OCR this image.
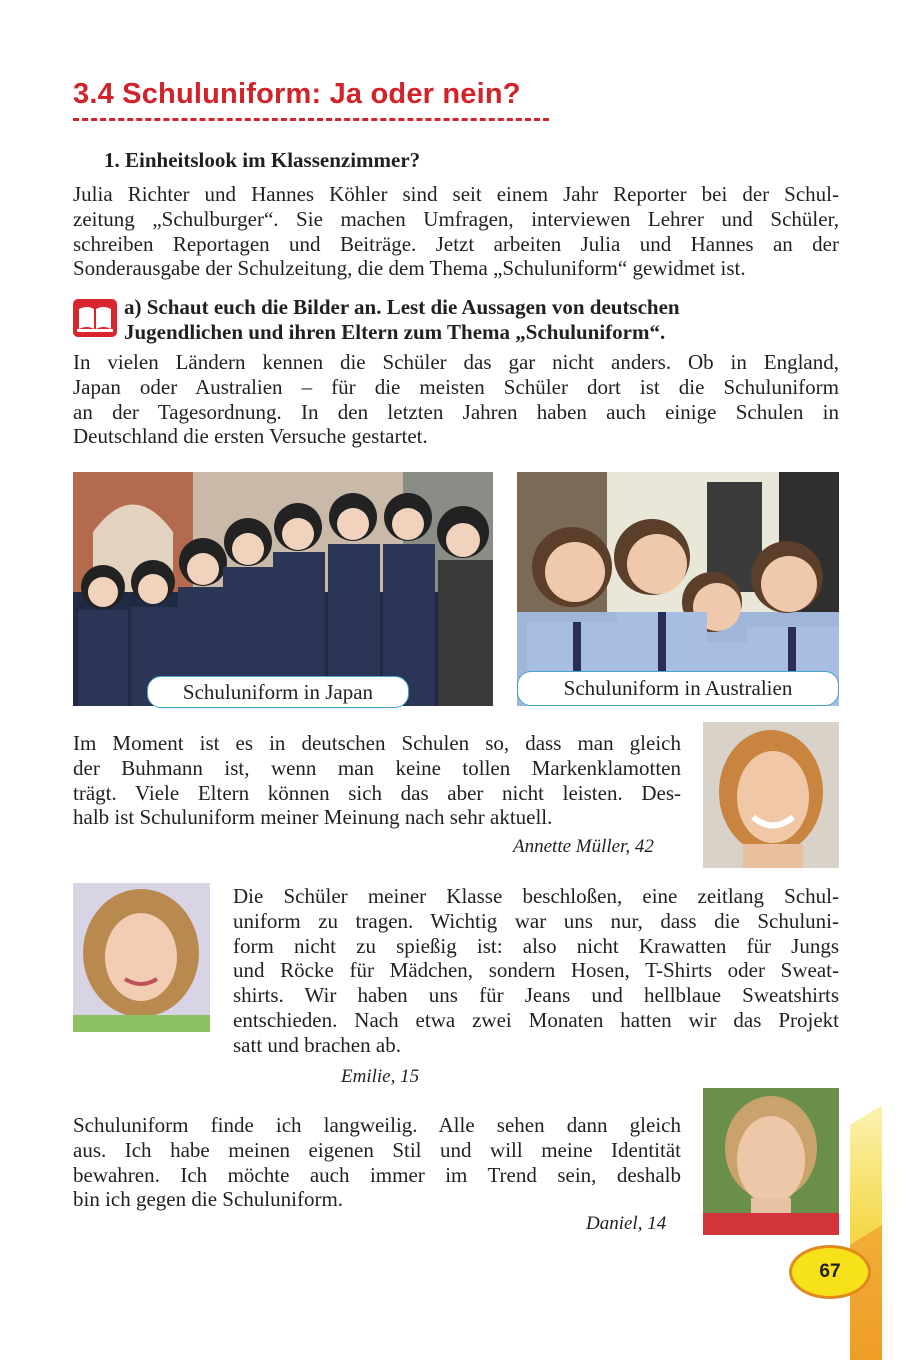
3.4 Schuluniform: Ja oder nein?
1. Einheitslook im Klassenzimmer?
Julia Richter und Hannes Köhler sind seit einem Jahr Reporter bei der Schul-
zeitung „Schulburger“. Sie machen Umfragen, interviewen Lehrer und Schüler,
schreiben Reportagen und Beiträge. Jetzt arbeiten Julia und Hannes an der
Sonderausgabe der Schulzeitung, die dem Thema „Schuluniform“ gewidmet ist.
a) Schaut euch die Bilder an. Lest die Aussagen von deutschen
Jugendlichen und ihren Eltern zum Thema „Schuluniform“.
In vielen Ländern kennen die Schüler das gar nicht anders. Ob in England,
Japan oder Australien – für die meisten Schüler dort ist die Schuluniform
an der Tagesordnung. In den letzten Jahren haben auch einige Schulen in
Deutschland die ersten Versuche gestartet.
Schuluniform in Japan	Schuluniform in Australien
Im Moment ist es in deutschen Schulen so, dass man gleich
der Buhmann ist, wenn man keine tollen Markenklamotten
trägt. Viele Eltern können sich das aber nicht leisten. Des-
halb ist Schuluniform meiner Meinung nach sehr aktuell.
Annette Müller, 42
Die Schüler meiner Klasse beschloßen, eine zeitlang Schul-
uniform zu tragen. Wichtig war uns nur, dass die Schuluni-
form nicht zu spießig ist: also nicht Krawatten für Jungs
und Röcke für Mädchen, sondern Hosen, T-Shirts oder Sweat-
shirts. Wir haben uns für Jeans und hellblaue Sweatshirts
entschieden. Nach etwa zwei Monaten hatten wir das Projekt
satt und brachen ab.
Emilie, 15
Schuluniform finde ich langweilig. Alle sehen dann gleich
aus. Ich habe meinen eigenen Stil und will meine Identität
bewahren. Ich möchte auch immer im Trend sein, deshalb
bin ich gegen die Schuluniform.
Daniel, 14
67
